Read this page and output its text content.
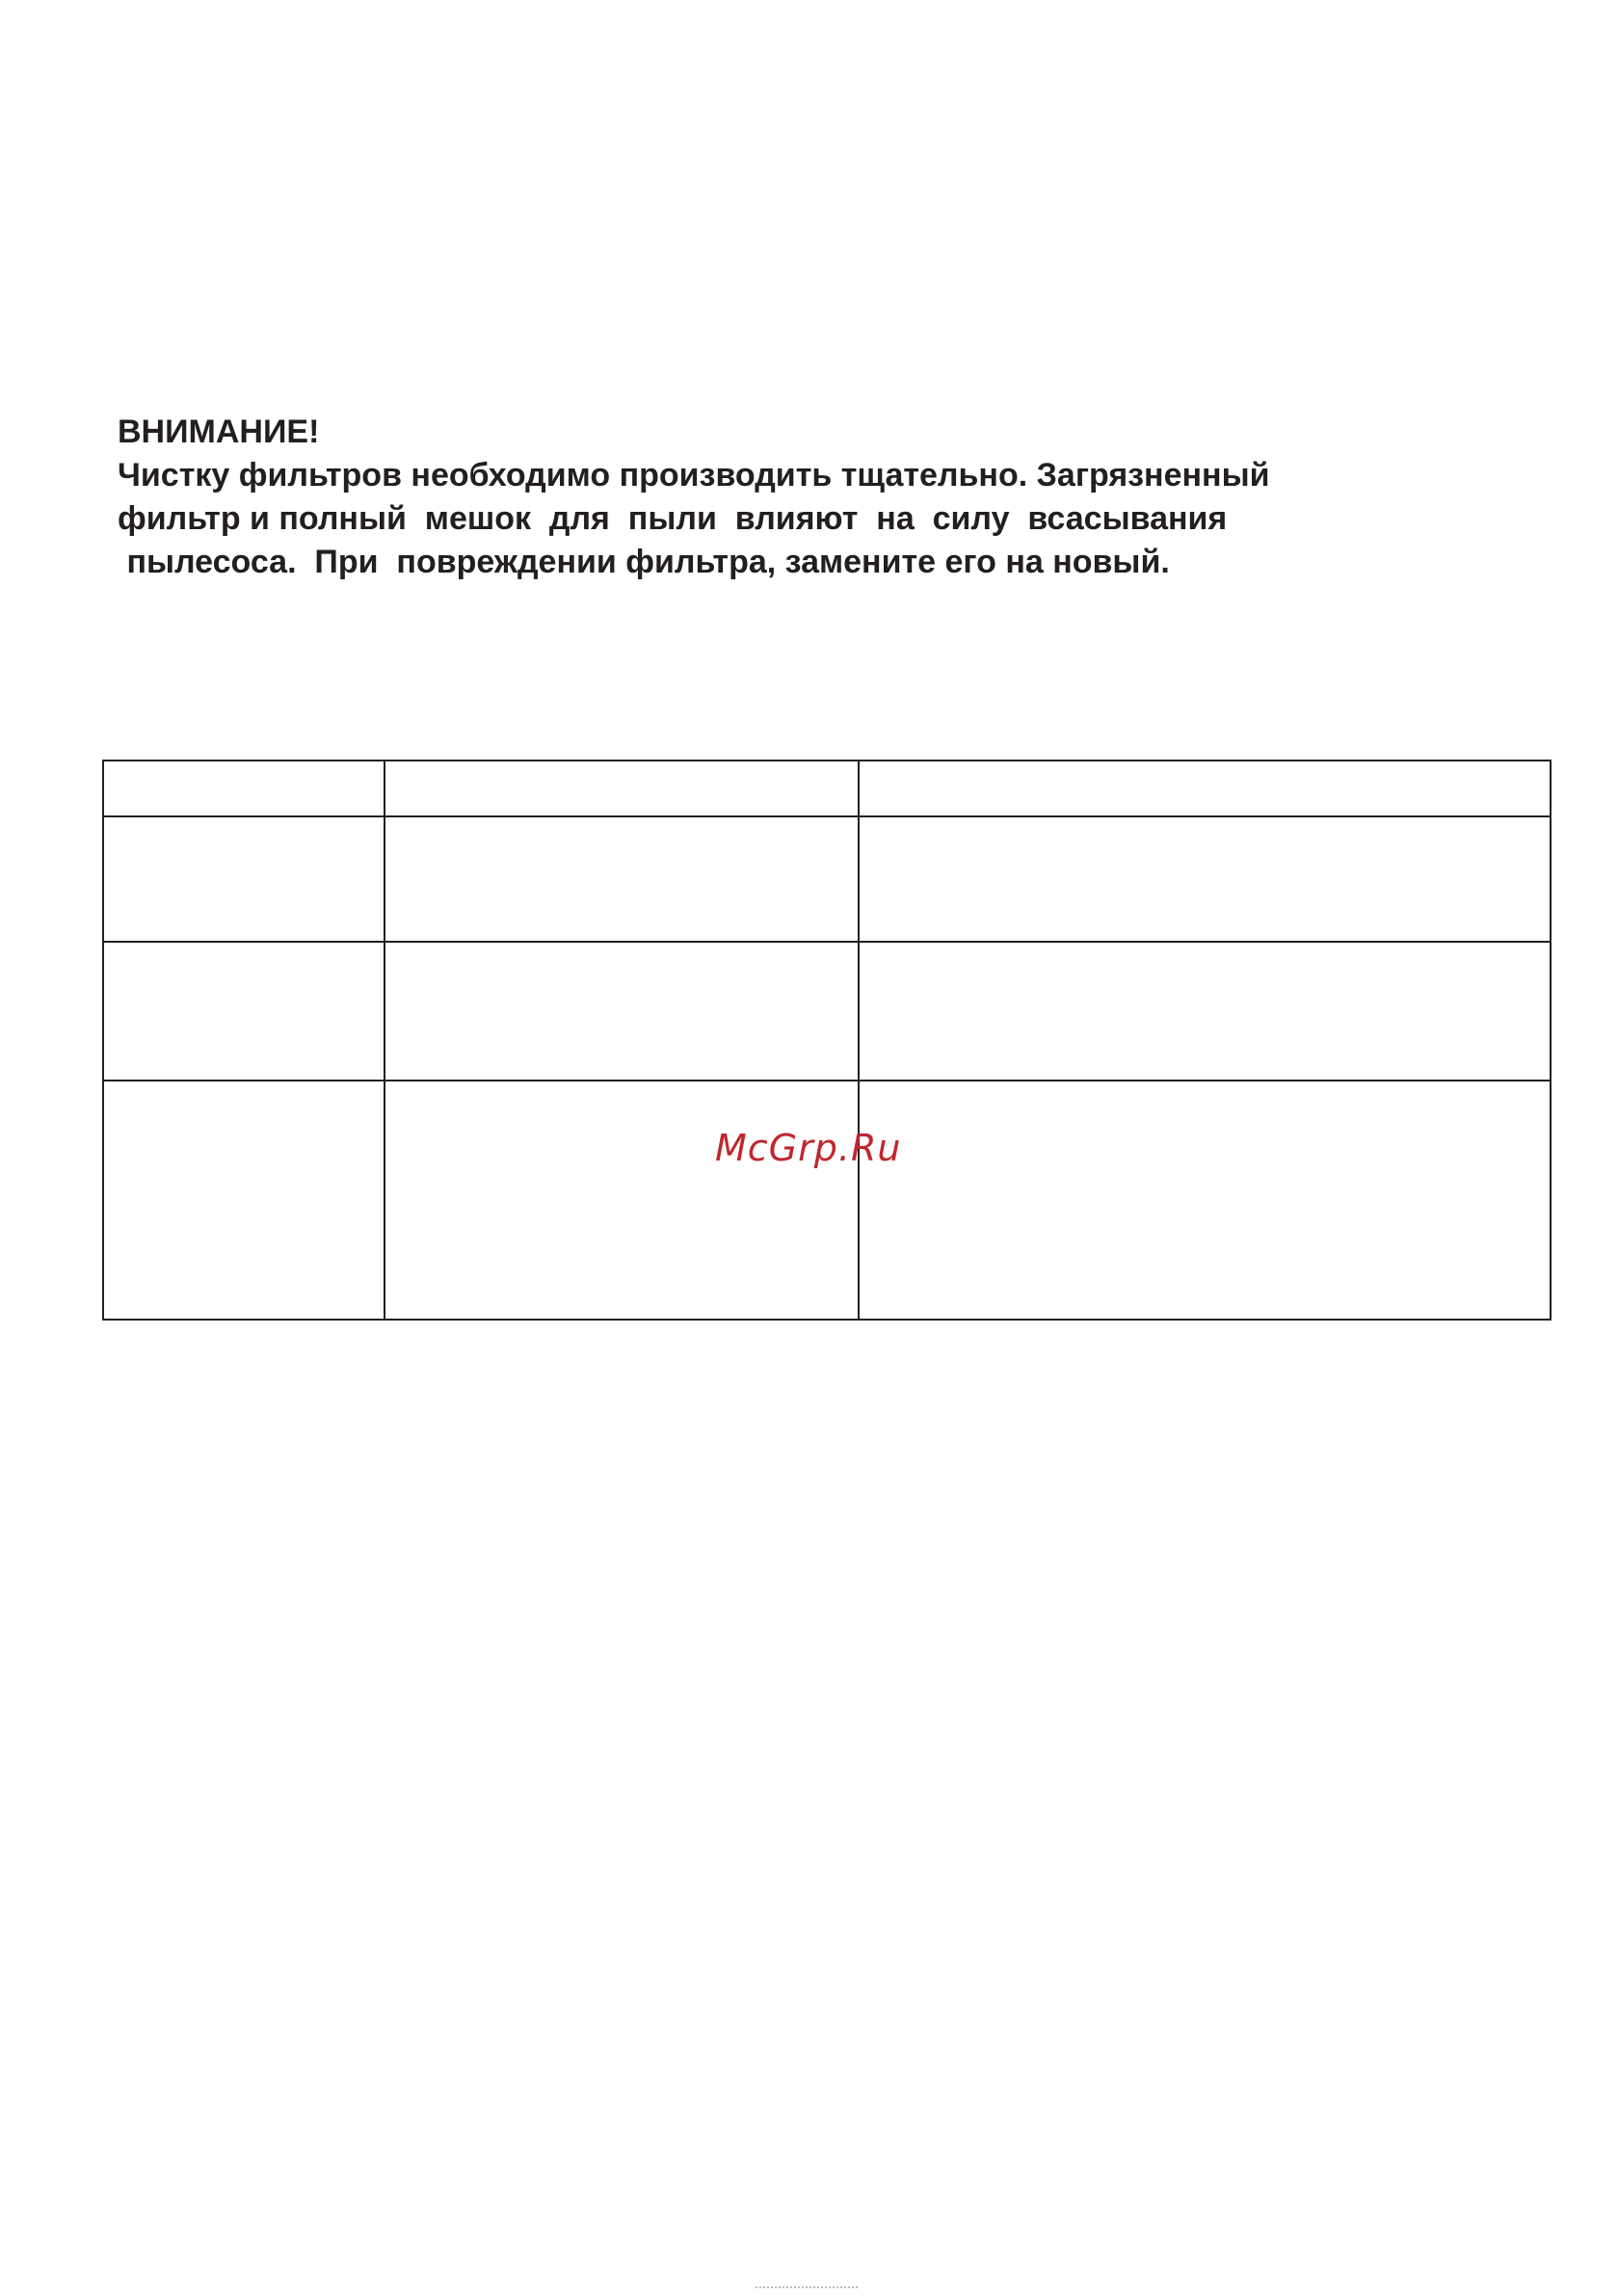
ВНИМАНИЕ!

Чистку фильтров необходимо производить тщательно. Загрязненный

фильтр и полный  мешок  для  пыли  влияют  на  силу  всасывания

пылесоса.  При  повреждении фильтра, замените его на новый.

McGrp.Ru
